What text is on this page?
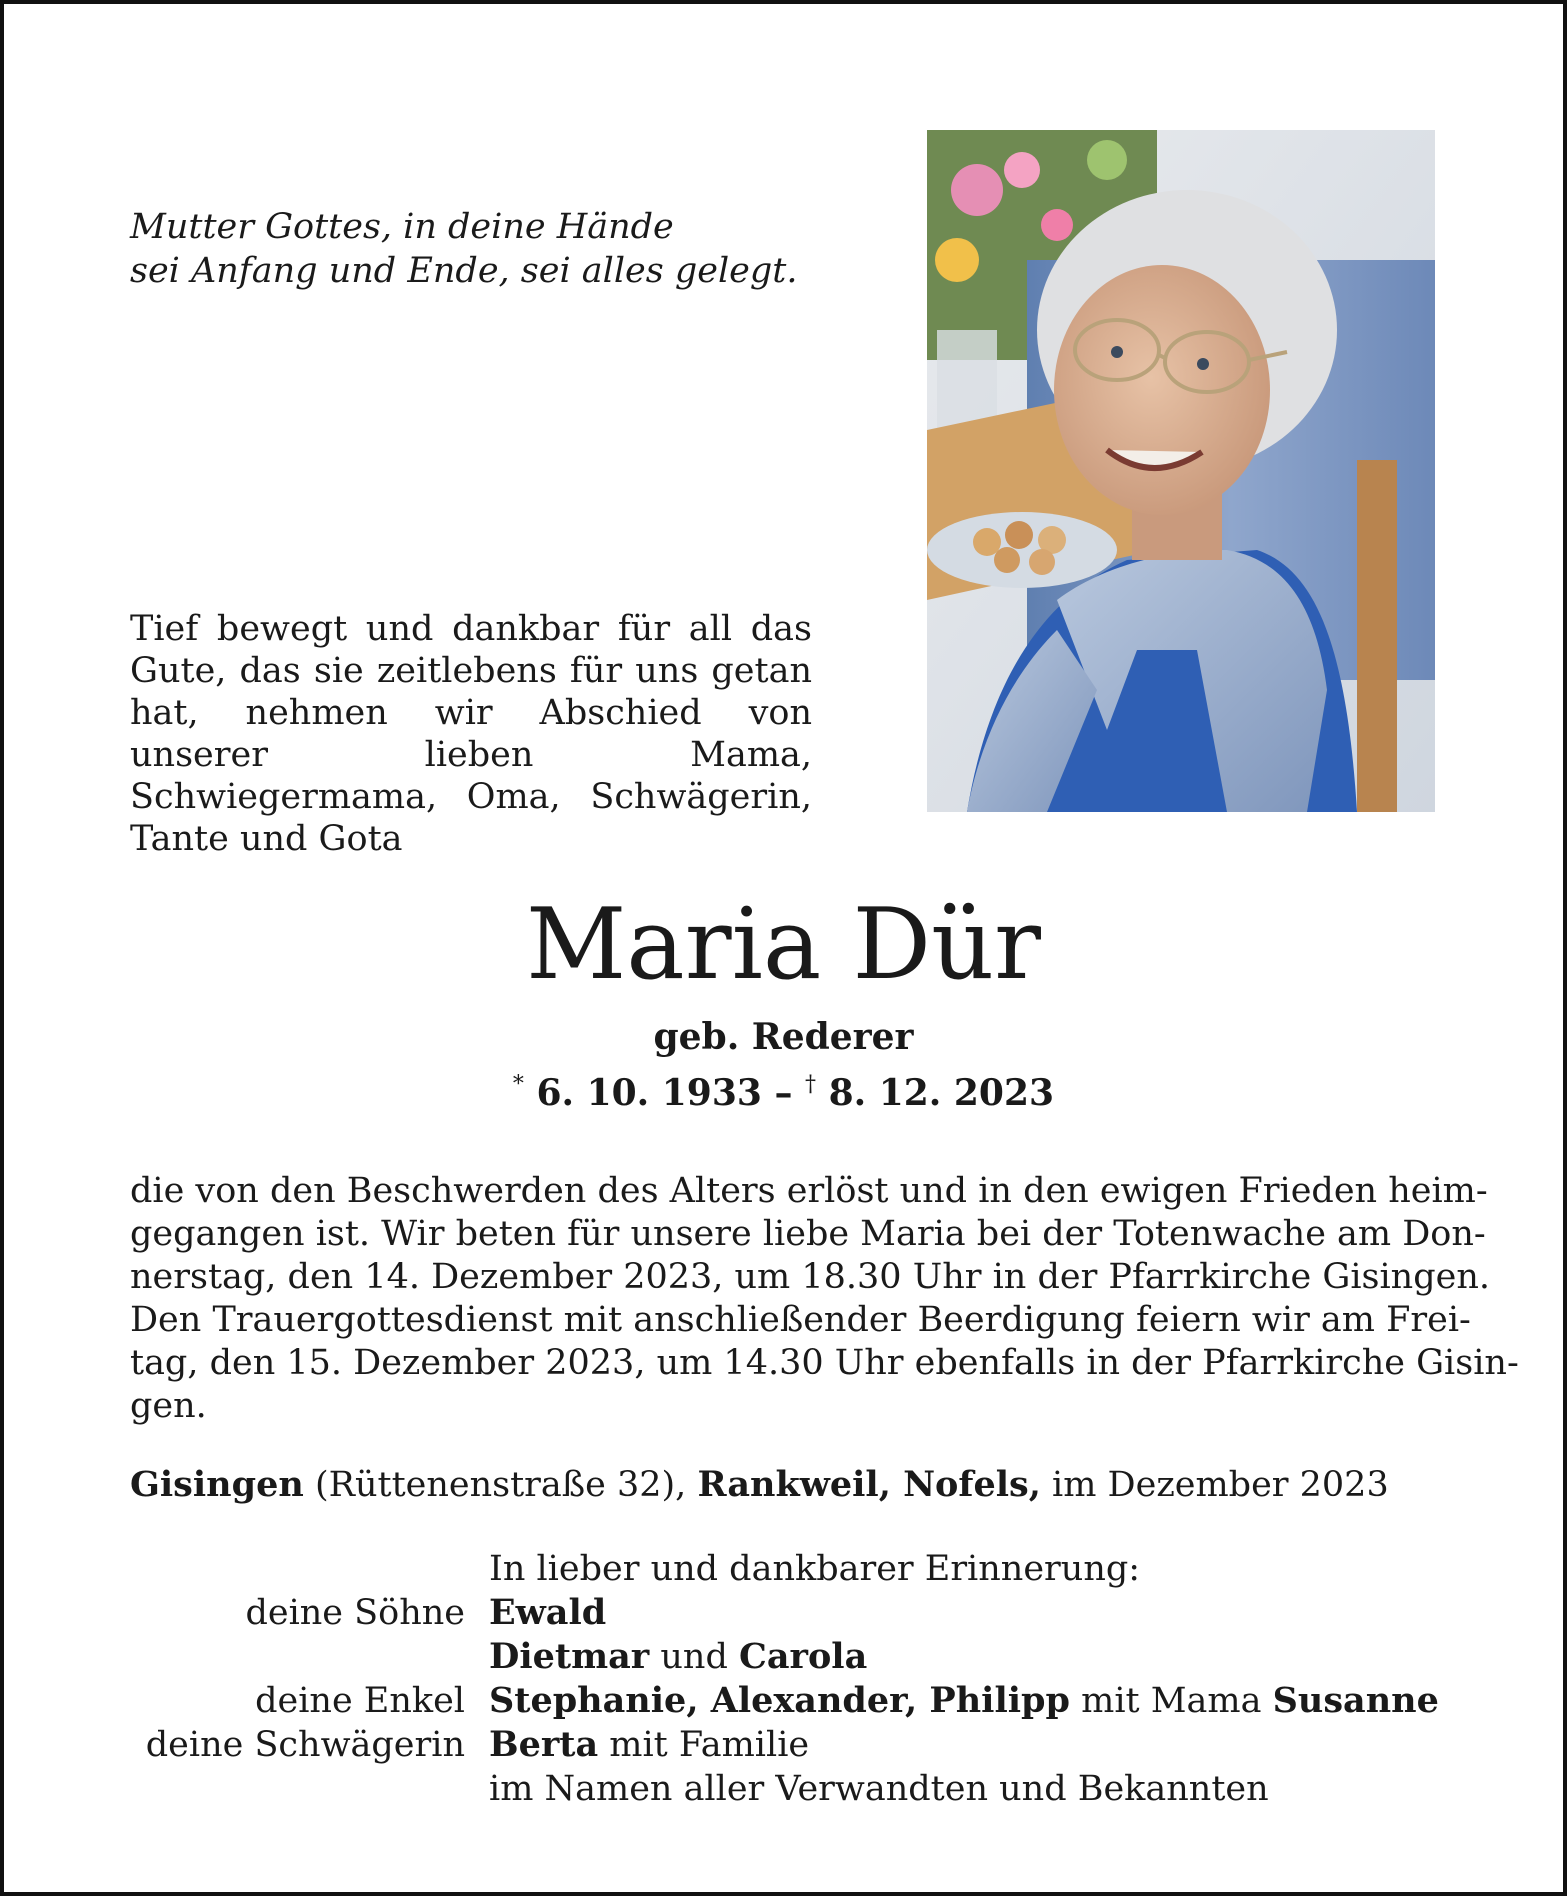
Mutter Gottes, in deine Hände
sei Anfang und Ende, sei alles gelegt.
Tief bewegt und dankbar für all das Gute, das sie zeitlebens für uns getan hat, nehmen wir Abschied von unserer lieben Mama, Schwiegermama, Oma, Schwägerin, Tante und Gota
Maria Dür
geb. Rederer
* 6. 10. 1933 – † 8. 12. 2023
die von den Beschwerden des Alters erlöst und in den ewigen Frieden heim-
gegangen ist. Wir beten für unsere liebe Maria bei der Totenwache am Don-
nerstag, den 14. Dezember 2023, um 18.30 Uhr in der Pfarrkirche Gisingen.
Den Trauergottesdienst mit anschließender Beerdigung feiern wir am Frei-
tag, den 15. Dezember 2023, um 14.30 Uhr ebenfalls in der Pfarrkirche Gisin-
gen.
Gisingen (Rüttenenstraße 32), Rankweil, Nofels, im Dezember 2023
In lieber und dankbarer Erinnerung:
deine Söhne Ewald
Dietmar und Carola
deine Enkel Stephanie, Alexander, Philipp mit Mama Susanne
deine Schwägerin Berta mit Familie
im Namen aller Verwandten und Bekannten
